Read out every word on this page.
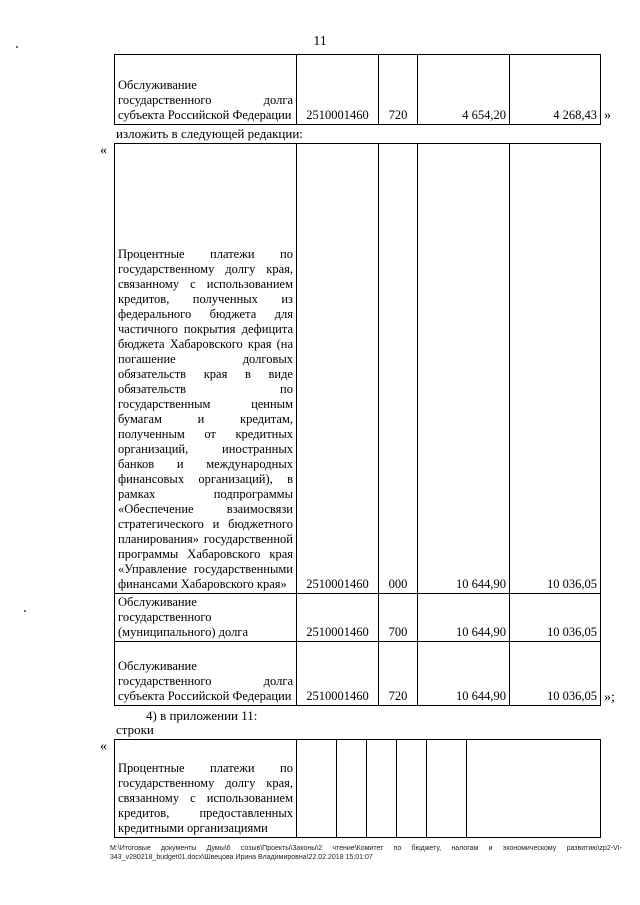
11
Обслуживание государственного долга субъекта Российской Федерации	2510001460	720	4 654,20	4 268,43 »
изложить в следующей редакции:
«
Процентные платежи по государственному долгу края, связанному с использованием кредитов, полученных из федерального бюджета для частичного покрытия дефицита бюджета Хабаровского края (на погашение долговых обязательств края в виде обязательств по государственным ценным бумагам и кредитам, полученным от кредитных организаций, иностранных банков и международных финансовых организаций), в рамках подпрограммы «Обеспечение взаимосвязи стратегического и бюджетного планирования» государственной программы Хабаровского края «Управление государственными финансами Хабаровского края»	2510001460	000	10 644,90	10 036,05
Обслуживание государственного (муниципального) долга	2510001460	700	10 644,90	10 036,05
Обслуживание государственного долга субъекта Российской Федерации	2510001460	720	10 644,90	10 036,05 »;
4) в приложении 11:
строки
«
Процентные платежи по государственному долгу края, связанному с использованием кредитов, предоставленных кредитными организациями						
M:\Итоговые документы Думы\6 созыв\Проекты\Законы\2 чтение\Комитет по бюджету, налогам и экономическому развитию\zp2-VI-343_v280218_budget01.docx\Швецова Ирина Владимировна\22.02.2018 15:01:07
